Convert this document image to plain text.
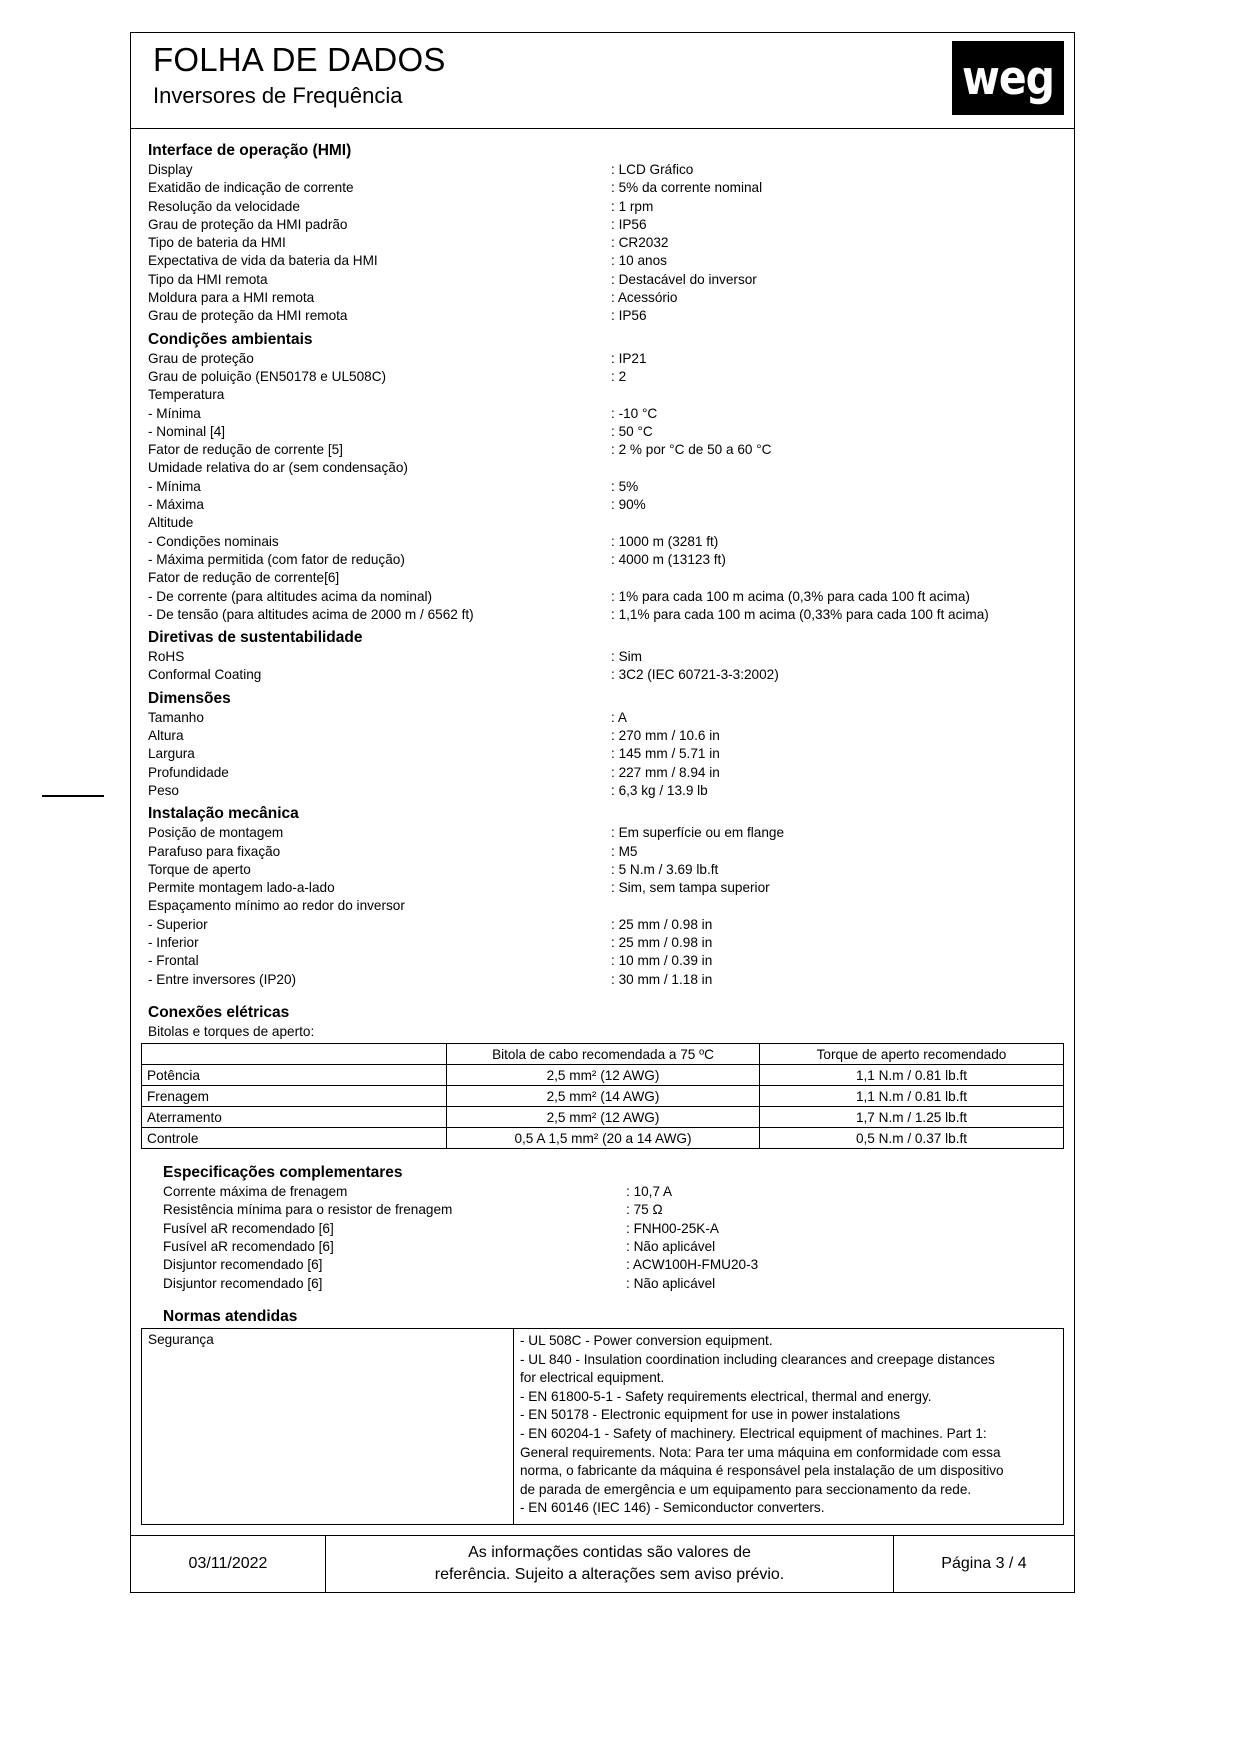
FOLHA DE DADOS
Inversores de Frequência	weg
Interface de operação (HMI)
Display	: LCD Gráfico
Exatidão de indicação de corrente	: 5% da corrente nominal
Resolução da velocidade	: 1 rpm
Grau de proteção da HMI padrão	: IP56
Tipo de bateria da HMI	: CR2032
Expectativa de vida da bateria da HMI	: 10 anos
Tipo da HMI remota	: Destacável do inversor
Moldura para a HMI remota	: Acessório
Grau de proteção da HMI remota	: IP56
Condições ambientais
Grau de proteção	: IP21
Grau de poluição (EN50178 e UL508C)	: 2
Temperatura
- Mínima	: -10 °C
- Nominal [4]	: 50 °C
Fator de redução de corrente [5]	: 2 % por °C de 50 a 60 °C
Umidade relativa do ar (sem condensação)
- Mínima	: 5%
- Máxima	: 90%
Altitude
- Condições nominais	: 1000 m (3281 ft)
- Máxima permitida (com fator de redução)	: 4000 m (13123 ft)
Fator de redução de corrente[6]
- De corrente (para altitudes acima da nominal)	: 1% para cada 100 m acima (0,3% para cada 100 ft acima)
- De tensão (para altitudes acima de 2000 m / 6562 ft)	: 1,1% para cada 100 m acima (0,33% para cada 100 ft acima)
Diretivas de sustentabilidade
RoHS	: Sim
Conformal Coating	: 3C2 (IEC 60721-3-3:2002)
Dimensões
Tamanho	: A
Altura	: 270 mm / 10.6 in
Largura	: 145 mm / 5.71 in
Profundidade	: 227 mm / 8.94 in
Peso	: 6,3 kg / 13.9 lb
Instalação mecânica
Posição de montagem	: Em superfície ou em flange
Parafuso para fixação	: M5
Torque de aperto	: 5 N.m / 3.69 lb.ft
Permite montagem lado-a-lado	: Sim, sem tampa superior
Espaçamento mínimo ao redor do inversor
- Superior	: 25 mm / 0.98 in
- Inferior	: 25 mm / 0.98 in
- Frontal	: 10 mm / 0.39 in
- Entre inversores (IP20)	: 30 mm / 1.18 in
Conexões elétricas
Bitolas e torques de aperto:
	Bitola de cabo recomendada a 75 ºC	Torque de aperto recomendado
Potência	2,5 mm² (12 AWG)	1,1 N.m / 0.81 lb.ft
Frenagem	2,5 mm² (14 AWG)	1,1 N.m / 0.81 lb.ft
Aterramento	2,5 mm² (12 AWG)	1,7 N.m / 1.25 lb.ft
Controle	0,5 A 1,5 mm² (20 a 14 AWG)	0,5 N.m / 0.37 lb.ft
Especificações complementares
Corrente máxima de frenagem	: 10,7 A
Resistência mínima para o resistor de frenagem	: 75 Ω
Fusível aR recomendado [6]	: FNH00-25K-A
Fusível aR recomendado [6]	: Não aplicável
Disjuntor recomendado [6]	: ACW100H-FMU20-3
Disjuntor recomendado [6]	: Não aplicável
Normas atendidas
Segurança	- UL 508C - Power conversion equipment.
- UL 840 - Insulation coordination including clearances and creepage distances
for electrical equipment.
- EN 61800-5-1 - Safety requirements electrical, thermal and energy.
- EN 50178 - Electronic equipment for use in power instalations
- EN 60204-1 - Safety of machinery. Electrical equipment of machines. Part 1:
General requirements. Nota: Para ter uma máquina em conformidade com essa
norma, o fabricante da máquina é responsável pela instalação de um dispositivo
de parada de emergência e um equipamento para seccionamento da rede.
- EN 60146 (IEC 146) - Semiconductor converters.
03/11/2022
As informações contidas são valores de
referência. Sujeito a alterações sem aviso prévio.
Página 3 / 4
